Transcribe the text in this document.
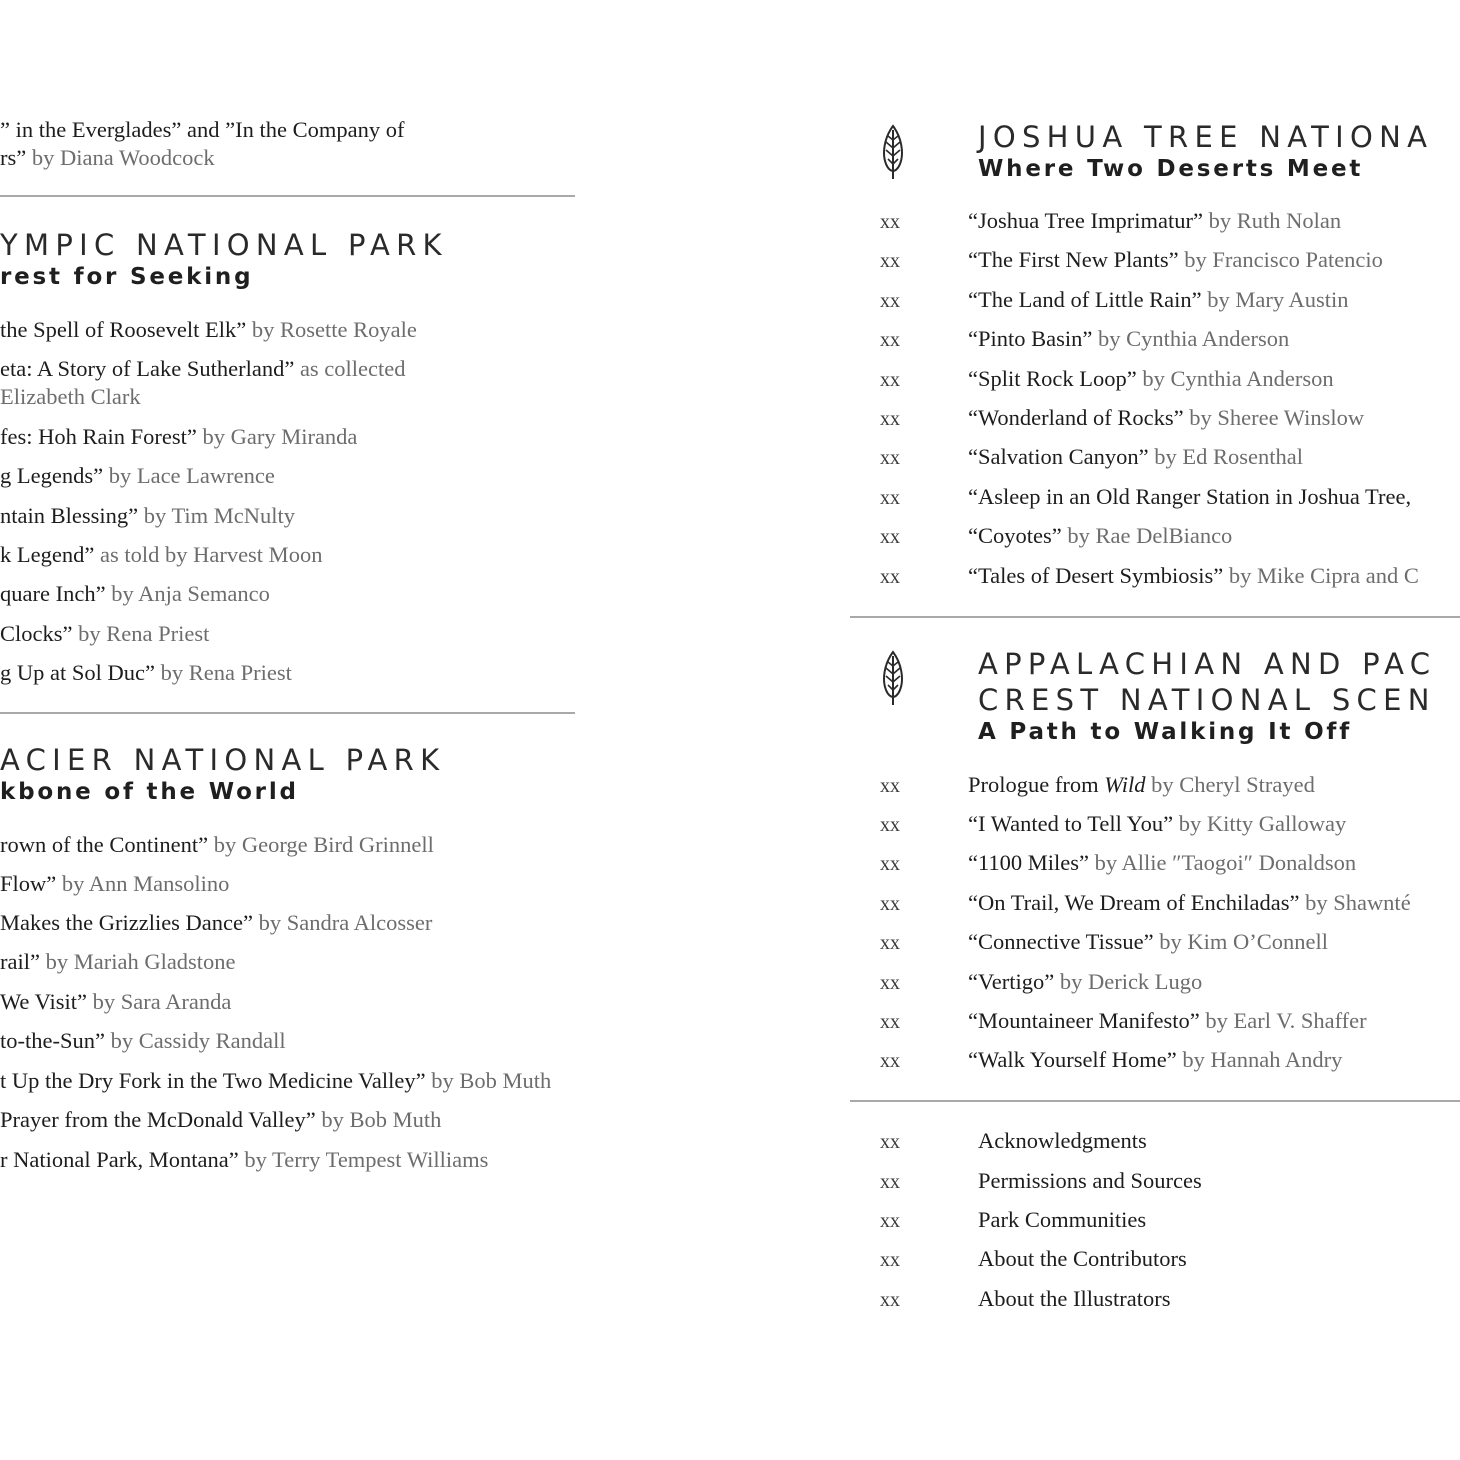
” in the Everglades” and ”In the Company of
rs” by Diana Woodcock
YMPIC NATIONAL PARK
rest for Seeking
the Spell of Roosevelt Elk” by Rosette Royale
eta: A Story of Lake Sutherland” as collected
Elizabeth Clark
fes: Hoh Rain Forest” by Gary Miranda
g Legends” by Lace Lawrence
ntain Blessing” by Tim McNulty
k Legend” as told by Harvest Moon
quare Inch” by Anja Semanco
Clocks” by Rena Priest
g Up at Sol Duc” by Rena Priest
ACIER NATIONAL PARK
kbone of the World
rown of the Continent” by George Bird Grinnell
Flow” by Ann Mansolino
Makes the Grizzlies Dance” by Sandra Alcosser
rail” by Mariah Gladstone
We Visit” by Sara Aranda
to-the-Sun” by Cassidy Randall
t Up the Dry Fork in the Two Medicine Valley” by Bob Muth
Prayer from the McDonald Valley” by Bob Muth
r National Park, Montana” by Terry Tempest Williams
JOSHUA TREE NATIONA
Where Two Deserts Meet
xx	“Joshua Tree Imprimatur” by Ruth Nolan
xx	“The First New Plants” by Francisco Patencio
xx	“The Land of Little Rain” by Mary Austin
xx	“Pinto Basin” by Cynthia Anderson
xx	“Split Rock Loop” by Cynthia Anderson
xx	“Wonderland of Rocks” by Sheree Winslow
xx	“Salvation Canyon” by Ed Rosenthal
xx	“Asleep in an Old Ranger Station in Joshua Tree,
xx	“Coyotes” by Rae DelBianco
xx	“Tales of Desert Symbiosis” by Mike Cipra and C
APPALACHIAN AND PAC
CREST NATIONAL SCEN
A Path to Walking It Off
xx	Prologue from Wild by Cheryl Strayed
xx	“I Wanted to Tell You” by Kitty Galloway
xx	“1100 Miles” by Allie ″Taogoi″ Donaldson
xx	“On Trail, We Dream of Enchiladas” by Shawnté
xx	“Connective Tissue” by Kim O’Connell
xx	“Vertigo” by Derick Lugo
xx	“Mountaineer Manifesto” by Earl V. Shaffer
xx	“Walk Yourself Home” by Hannah Andry
xx	Acknowledgments
xx	Permissions and Sources
xx	Park Communities
xx	About the Contributors
xx	About the Illustrators
